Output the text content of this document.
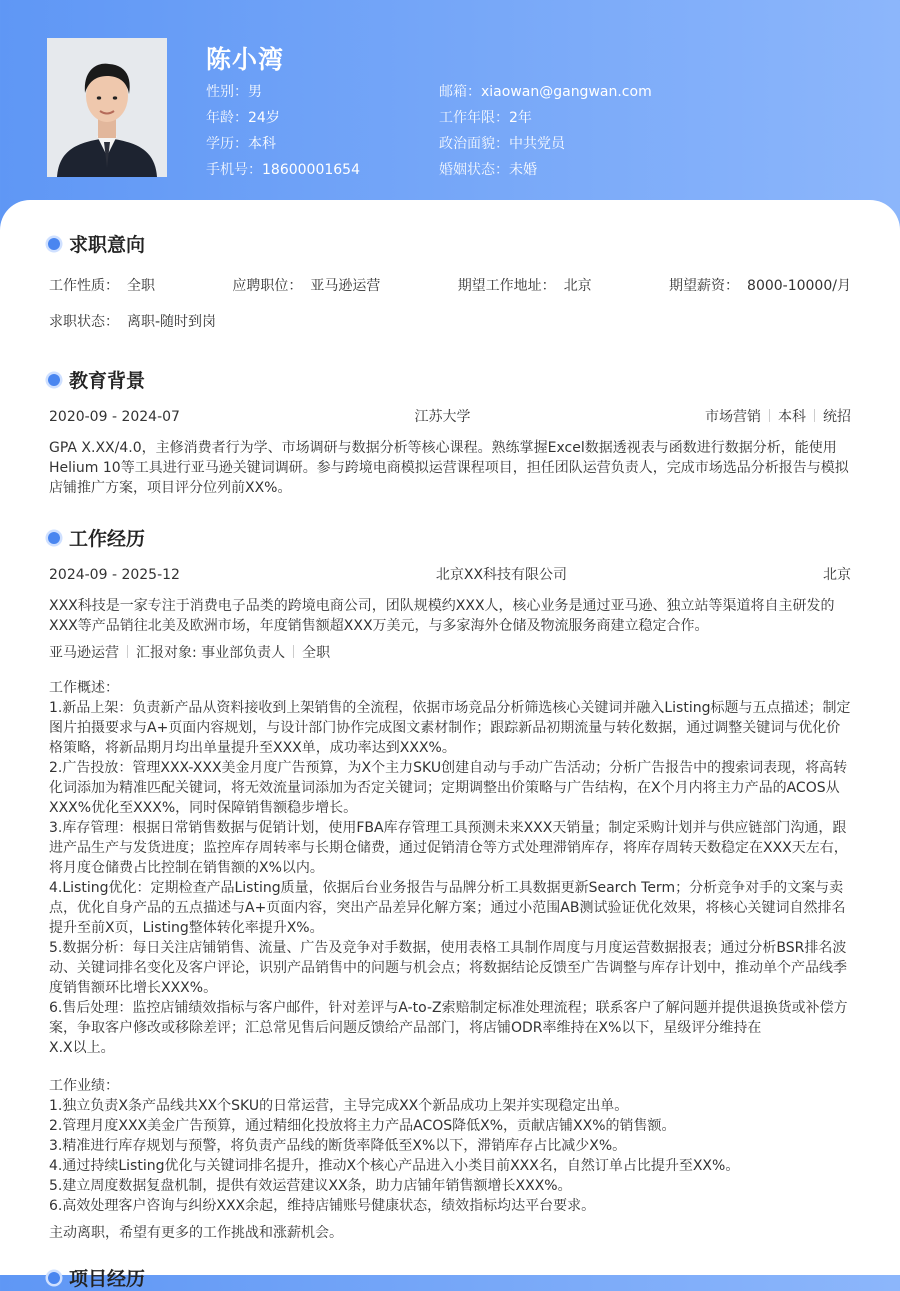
陈小湾
性别：男	邮箱：xiaowan@gangwan.com
年龄：24岁	工作年限：2年
学历：本科	政治面貌：中共党员
手机号：18600001654	婚姻状态：未婚
求职意向
工作性质： 全职	应聘职位： 亚马逊运营	期望工作地址： 北京	期望薪资： 8000-10000/月
求职状态： 离职-随时到岗
教育背景
2020-09 - 2024-07	江苏大学	市场营销 本科 统招
GPA X.XX/4.0，主修消费者行为学、市场调研与数据分析等核心课程。熟练掌握Excel数据透视表与函数进行数据分析，能使用Helium 10等工具进行亚马逊关键词调研。参与跨境电商模拟运营课程项目，担任团队运营负责人，完成市场选品分析报告与模拟店铺推广方案，项目评分位列前XX%。
工作经历
2024-09 - 2025-12	北京XX科技有限公司	北京
XXX科技是一家专注于消费电子品类的跨境电商公司，团队规模约XXX人，核心业务是通过亚马逊、独立站等渠道将自主研发的XXX等产品销往北美及欧洲市场，年度销售额超XXX万美元，与多家海外仓储及物流服务商建立稳定合作。
亚马逊运营 汇报对象: 事业部负责人 全职

工作概述：

1.新品上架：负责新产品从资料接收到上架销售的全流程，依据市场竞品分析筛选核心关键词并融入Listing标题与五点描述；制定图片拍摄要求与A+页面内容规划，与设计部门协作完成图文素材制作；跟踪新品初期流量与转化数据，通过调整关键词与优化价格策略，将新品期月均出单量提升至XXX单，成功率达到XXX%。

2.广告投放：管理XXX-XXX美金月度广告预算，为X个主力SKU创建自动与手动广告活动；分析广告报告中的搜索词表现，将高转化词添加为精准匹配关键词，将无效流量词添加为否定关键词；定期调整出价策略与广告结构，在X个月内将主力产品的ACOS从XXX%优化至XXX%，同时保障销售额稳步增长。

3.库存管理：根据日常销售数据与促销计划，使用FBA库存管理工具预测未来XXX天销量；制定采购计划并与供应链部门沟通，跟进产品生产与发货进度；监控库存周转率与长期仓储费，通过促销清仓等方式处理滞销库存，将库存周转天数稳定在XXX天左右，将月度仓储费占比控制在销售额的X%以内。

4.Listing优化：定期检查产品Listing质量，依据后台业务报告与品牌分析工具数据更新Search Term；分析竞争对手的文案与卖点，优化自身产品的五点描述与A+页面内容，突出产品差异化解方案；通过小范围AB测试验证优化效果，将核心关键词自然排名提升至前X页，Listing整体转化率提升X%。

5.数据分析：每日关注店铺销售、流量、广告及竞争对手数据，使用表格工具制作周度与月度运营数据报表；通过分析BSR排名波动、关键词排名变化及客户评论，识别产品销售中的问题与机会点；将数据结论反馈至广告调整与库存计划中，推动单个产品线季度销售额环比增长XXX%。

6.售后处理：监控店铺绩效指标与客户邮件，针对差评与A-to-Z索赔制定标准处理流程；联系客户了解问题并提供退换货或补偿方案，争取客户修改或移除差评；汇总常见售后问题反馈给产品部门，将店铺ODR率维持在X%以下，星级评分维持在

X.X以上。

工作业绩：

1.独立负责X条产品线共XX个SKU的日常运营，主导完成XX个新品成功上架并实现稳定出单。

2.管理月度XXX美金广告预算，通过精细化投放将主力产品ACOS降低X%，贡献店铺XX%的销售额。

3.精准进行库存规划与预警，将负责产品线的断货率降低至X%以下，滞销库存占比减少X%。

4.通过持续Listing优化与关键词排名提升，推动X个核心产品进入小类目前XXX名，自然订单占比提升至XX%。

5.建立周度数据复盘机制，提供有效运营建议XX条，助力店铺年销售额增长XXX%。

6.高效处理客户咨询与纠纷XXX余起，维持店铺账号健康状态，绩效指标均达平台要求。

主动离职，希望有更多的工作挑战和涨薪机会。
项目经历
